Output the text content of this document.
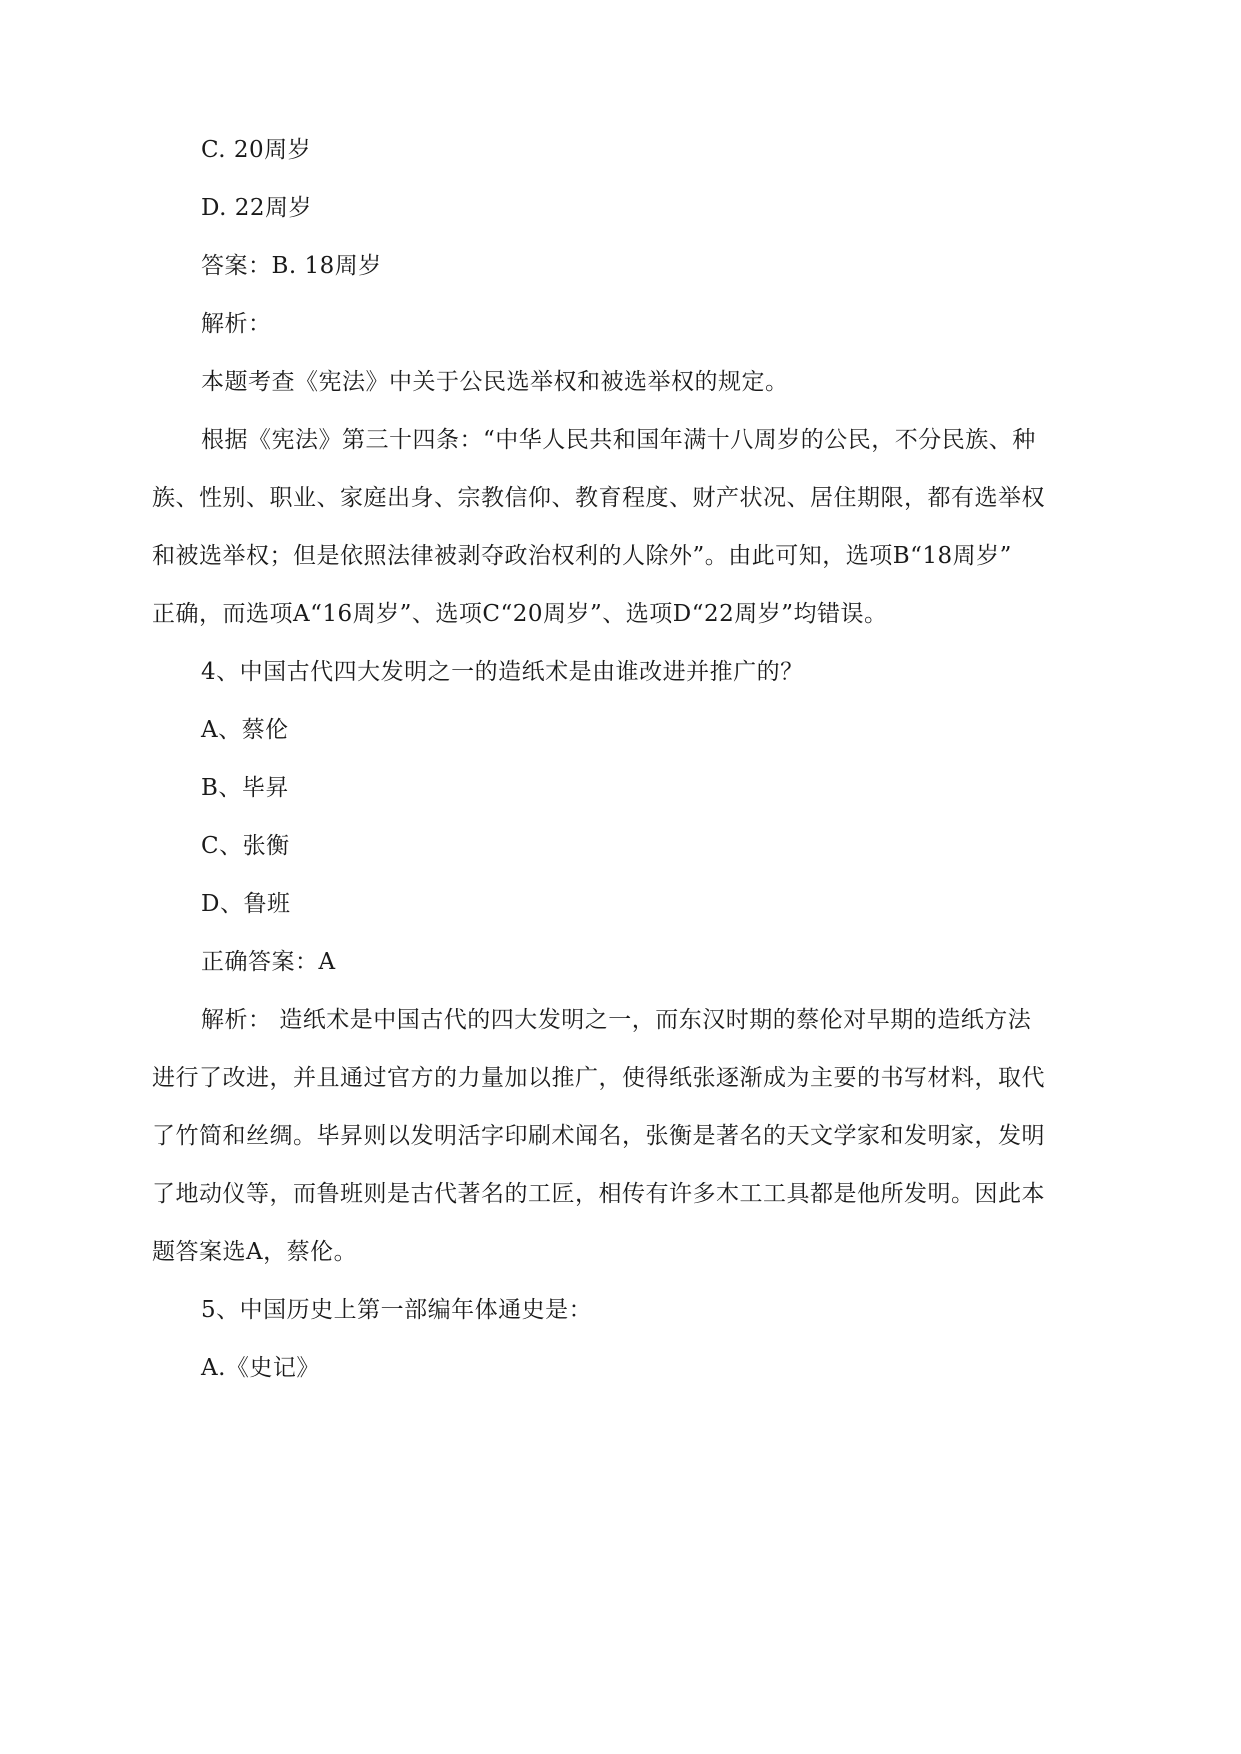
C. 20周岁
D. 22周岁
答案：B. 18周岁
解析：
本题考查《宪法》中关于公民选举权和被选举权的规定。
根据《宪法》第三十四条：“中华人民共和国年满十八周岁的公民，不分民族、种
族、性别、职业、家庭出身、宗教信仰、教育程度、财产状况、居住期限，都有选举权
和被选举权；但是依照法律被剥夺政治权利的人除外”。由此可知，选项B“18周岁”
正确，而选项A“16周岁”、选项C“20周岁”、选项D“22周岁”均错误。
4、中国古代四大发明之一的造纸术是由谁改进并推广的？
A、蔡伦
B、毕昇
C、张衡
D、鲁班
正确答案：A
解析： 造纸术是中国古代的四大发明之一，而东汉时期的蔡伦对早期的造纸方法
进行了改进，并且通过官方的力量加以推广，使得纸张逐渐成为主要的书写材料，取代
了竹简和丝绸。毕昇则以发明活字印刷术闻名，张衡是著名的天文学家和发明家，发明
了地动仪等，而鲁班则是古代著名的工匠，相传有许多木工工具都是他所发明。因此本
题答案选A，蔡伦。
5、中国历史上第一部编年体通史是：
A.《史记》
